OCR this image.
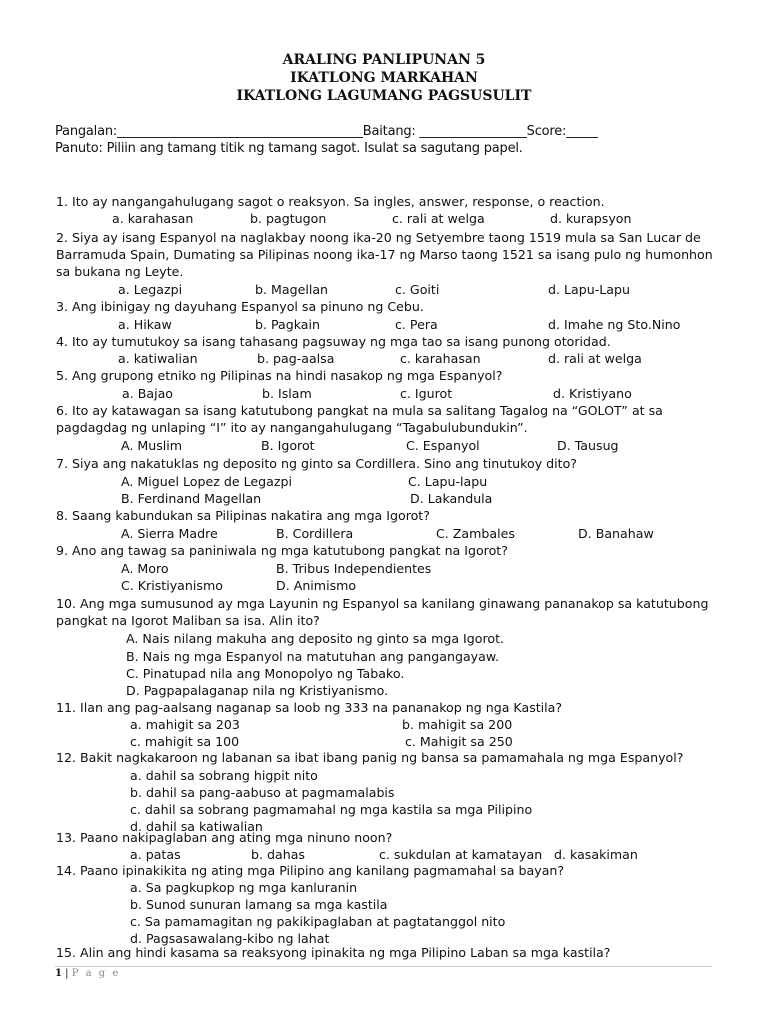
ARALING PANLIPUNAN 5
IKATLONG MARKAHAN
IKATLONG LAGUMANG PAGSUSULIT
Pangalan:_______________________________________Baitang: _________________Score:_____
Panuto: Piliin ang tamang titik ng tamang sagot. Isulat sa sagutang papel.
1. Ito ay nangangahulugang sagot o reaksyon. Sa ingles, answer, response, o reaction.
a. karahasan	b. pagtugon	c. rali at welga	d. kurapsyon
2. Siya ay isang Espanyol na naglakbay noong ika-20 ng Setyembre taong 1519 mula sa San Lucar de
Barramuda Spain, Dumating sa Pilipinas noong ika-17 ng Marso taong 1521 sa isang pulo ng humonhon
sa bukana ng Leyte.
a. Legazpi	b. Magellan	c. Goiti	d. Lapu-Lapu
3. Ang ibinigay ng dayuhang Espanyol sa pinuno ng Cebu.
a. Hikaw	b. Pagkain	c. Pera	d. Imahe ng Sto.Nino
4. Ito ay tumutukoy sa isang tahasang pagsuway ng mga tao sa isang punong otoridad.
a. katiwalian	b. pag-aalsa	c. karahasan	d. rali at welga
5. Ang grupong etniko ng Pilipinas na hindi nasakop ng mga Espanyol?
a. Bajao	b. Islam	c. Igurot	d. Kristiyano
6. Ito ay katawagan sa isang katutubong pangkat na mula sa salitang Tagalog na “GOLOT” at sa
pagdagdag ng unlaping “I” ito ay nangangahulugang “Tagabulubundukin”.
A. Muslim	B. Igorot	C. Espanyol	D. Tausug
7. Siya ang nakatuklas ng deposito ng ginto sa Cordillera. Sino ang tinutukoy dito?
A. Miguel Lopez de Legazpi	C. Lapu-lapu
B. Ferdinand Magellan	D. Lakandula
8. Saang kabundukan sa Pilipinas nakatira ang mga Igorot?
A. Sierra Madre	B. Cordillera	C. Zambales	D. Banahaw
9. Ano ang tawag sa paniniwala ng mga katutubong pangkat na Igorot?
A. Moro	B. Tribus Independientes
C. Kristiyanismo	D. Animismo
10. Ang mga sumusunod ay mga Layunin ng Espanyol sa kanilang ginawang pananakop sa katutubong
pangkat na Igorot Maliban sa isa. Alin ito?
A. Nais nilang makuha ang deposito ng ginto sa mga Igorot.
B. Nais ng mga Espanyol na matutuhan ang pangangayaw.
C. Pinatupad nila ang Monopolyo ng Tabako.
D. Pagpapalaganap nila ng Kristiyanismo.
11. Ilan ang pag-aalsang naganap sa loob ng 333 na pananakop ng nga Kastila?
a. mahigit sa 203	b. mahigit sa 200
c. mahigit sa 100	c. Mahigit sa 250
12. Bakit nagkakaroon ng labanan sa ibat ibang panig ng bansa sa pamamahala ng mga Espanyol?
a. dahil sa sobrang higpit nito
b. dahil sa pang-aabuso at pagmamalabis
c. dahil sa sobrang pagmamahal ng mga kastila sa mga Pilipino
d. dahil sa katiwalian
13. Paano nakipaglaban ang ating mga ninuno noon?
a. patas	b. dahas	c. sukdulan at kamatayan d. kasakiman
14. Paano ipinakikita ng ating mga Pilipino ang kanilang pagmamahal sa bayan?
a. Sa pagkupkop ng mga kanluranin
b. Sunod sunuran lamang sa mga kastila
c. Sa pamamagitan ng pakikipaglaban at pagtatanggol nito
d. Pagsasawalang-kibo ng lahat
15. Alin ang hindi kasama sa reaksyong ipinakita ng mga Pilipino Laban sa mga kastila?
1 | P a g e
